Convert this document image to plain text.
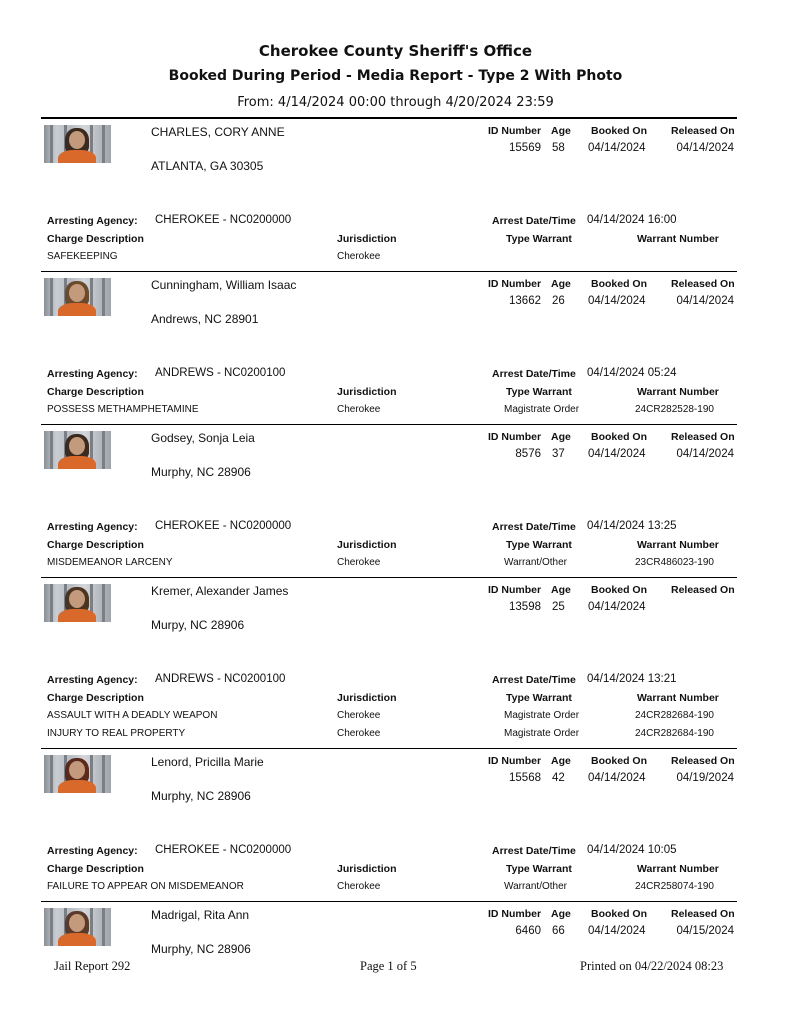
Cherokee County Sheriff's Office
Booked During Period - Media Report - Type 2 With Photo
From: 4/14/2024 00:00 through 4/20/2024 23:59
CHARLES, CORY ANNE
ATLANTA, GA 30305
ID Number Age Booked On Released On
15569 58 04/14/2024	04/14/2024
Arresting Agency: CHEROKEE - NC0200000	Arrest Date/Time 04/14/2024 16:00
Charge Description	Jurisdiction	Type Warrant	Warrant Number
SAFEKEEPING	Cherokee
Cunningham, William Isaac
Andrews, NC 28901
ID Number Age Booked On Released On
13662 26 04/14/2024	04/14/2024
Arresting Agency: ANDREWS - NC0200100	Arrest Date/Time 04/14/2024 05:24
Charge Description	Jurisdiction	Type Warrant	Warrant Number
POSSESS METHAMPHETAMINE	Cherokee	Magistrate Order	24CR282528-190
Godsey, Sonja Leia
Murphy, NC 28906
ID Number Age Booked On Released On
8576 37 04/14/2024	04/14/2024
Arresting Agency: CHEROKEE - NC0200000	Arrest Date/Time 04/14/2024 13:25
Charge Description	Jurisdiction	Type Warrant	Warrant Number
MISDEMEANOR LARCENY	Cherokee	Warrant/Other	23CR486023-190
Kremer, Alexander James
Murpy, NC 28906
ID Number Age Booked On Released On
13598 25 04/14/2024
Arresting Agency: ANDREWS - NC0200100	Arrest Date/Time 04/14/2024 13:21
Charge Description	Jurisdiction	Type Warrant	Warrant Number
ASSAULT WITH A DEADLY WEAPON	Cherokee	Magistrate Order	24CR282684-190
INJURY TO REAL PROPERTY	Cherokee	Magistrate Order	24CR282684-190
Lenord, Pricilla Marie
Murphy, NC 28906
ID Number Age Booked On Released On
15568 42 04/14/2024	04/19/2024
Arresting Agency: CHEROKEE - NC0200000	Arrest Date/Time 04/14/2024 10:05
Charge Description	Jurisdiction	Type Warrant	Warrant Number
FAILURE TO APPEAR ON MISDEMEANOR	Cherokee	Warrant/Other	24CR258074-190
Madrigal, Rita Ann
Murphy, NC 28906
ID Number Age Booked On Released On
6460 66 04/14/2024	04/15/2024
Jail Report 292	Page 1 of 5	Printed on 04/22/2024 08:23
